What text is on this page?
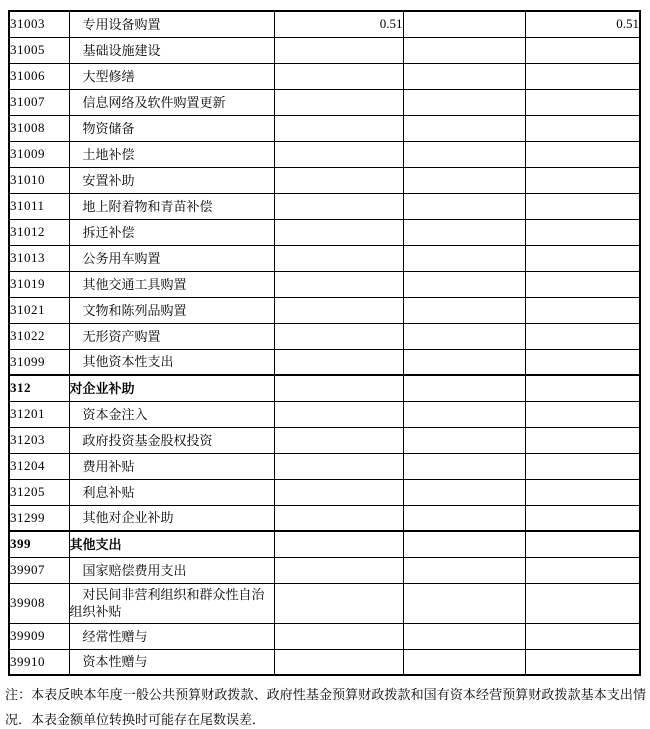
31003	专用设备购置	0.51		0.51
31005	基础设施建设			
31006	大型修缮			
31007	信息网络及软件购置更新			
31008	物资储备			
31009	土地补偿			
31010	安置补助			
31011	地上附着物和青苗补偿			
31012	拆迁补偿			
31013	公务用车购置			
31019	其他交通工具购置			
31021	文物和陈列品购置			
31022	无形资产购置			
31099	其他资本性支出			
312	对企业补助			
31201	资本金注入			
31203	政府投资基金股权投资			
31204	费用补贴			
31205	利息补贴			
31299	其他对企业补助			
399	其他支出			
39907	国家赔偿费用支出			
39908	对民间非营利组织和群众性自治组织补贴			
39909	经常性赠与			
39910	资本性赠与			
注：本表反映本年度一般公共预算财政拨款、政府性基金预算财政拨款和国有资本经营预算财政拨款基本支出情况．本表金额单位转换时可能存在尾数误差．
